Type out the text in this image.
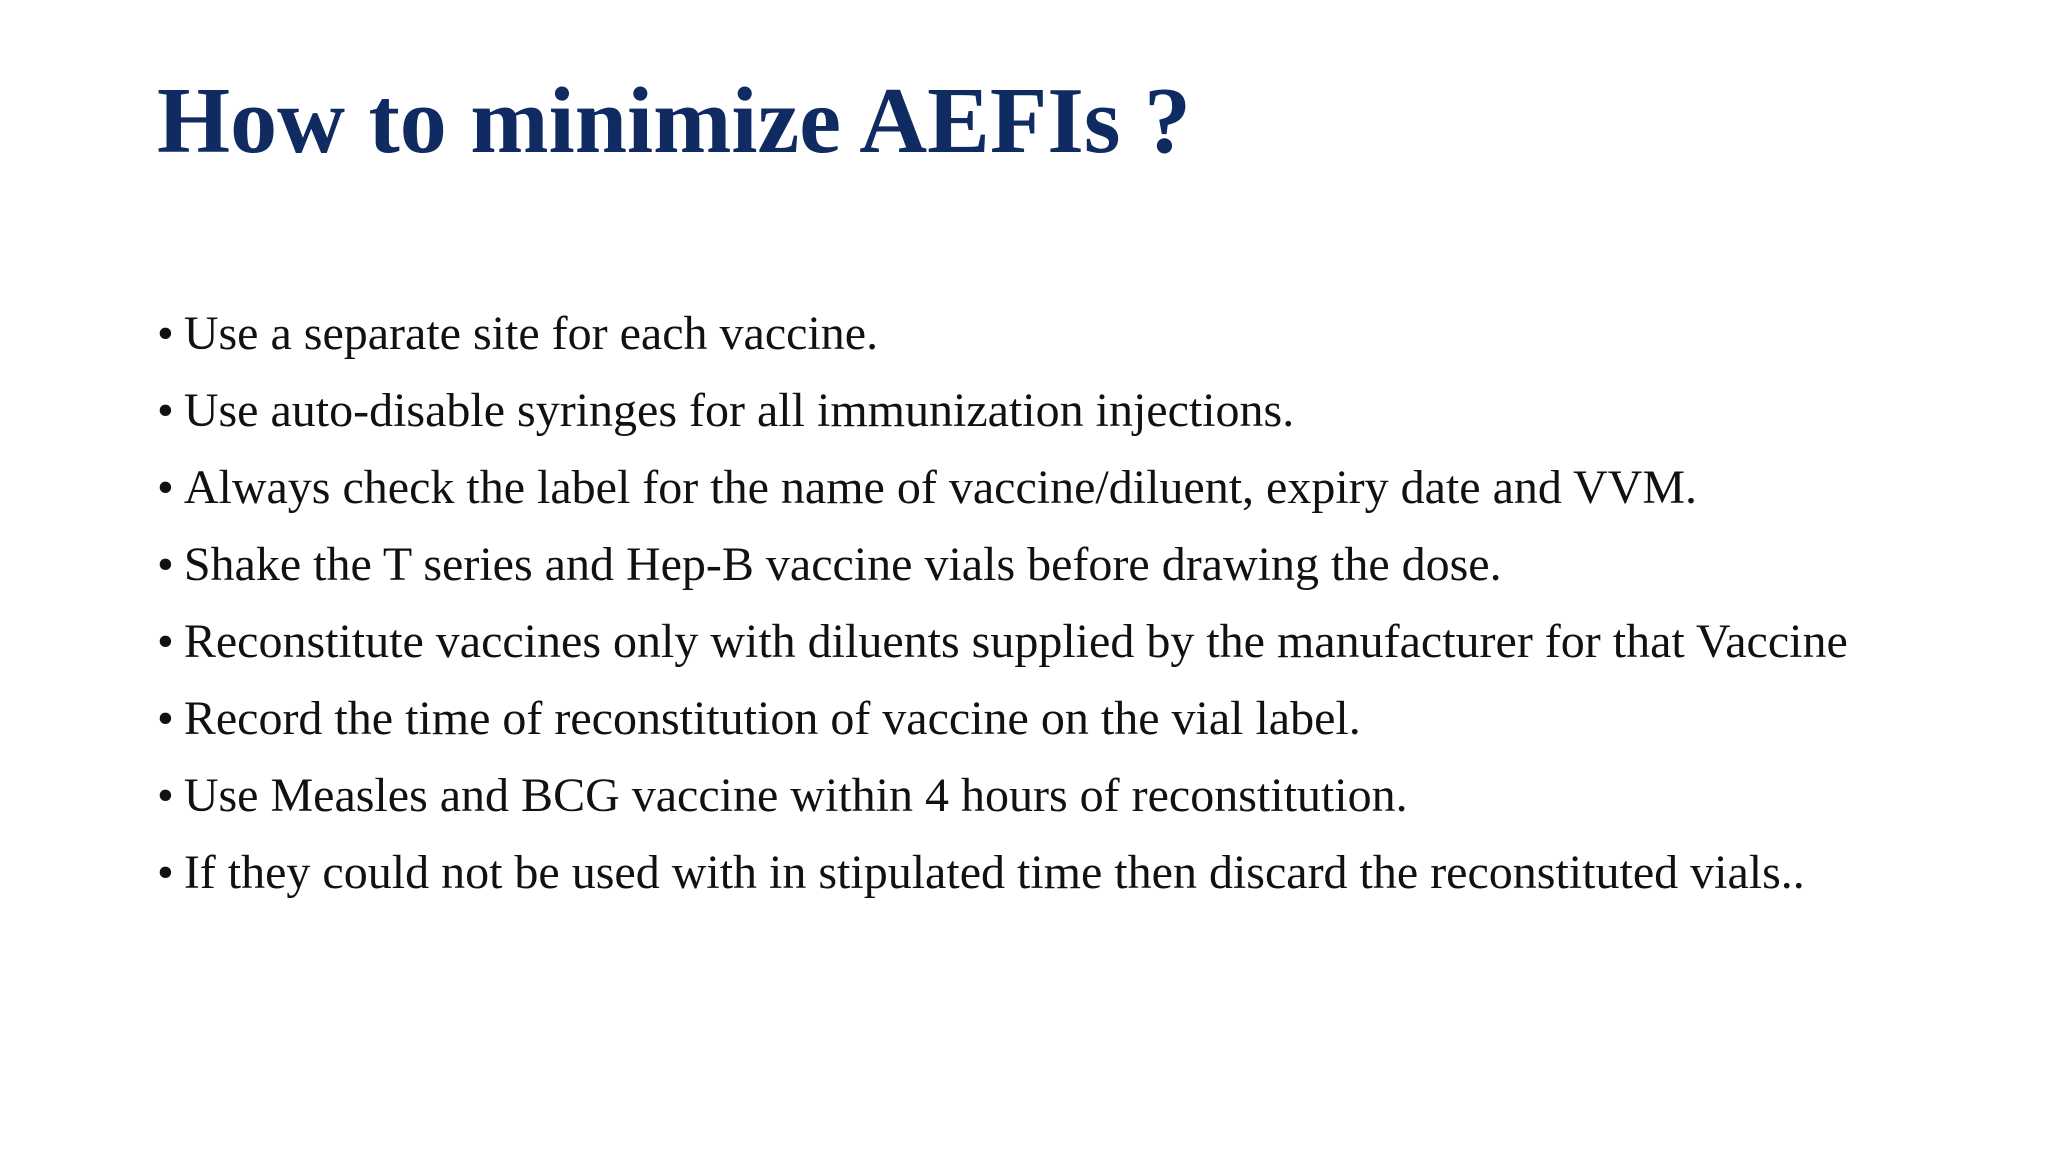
How to minimize AEFIs ?
• Use a separate site for each vaccine.
• Use auto-disable syringes for all immunization injections.
• Always check the label for the name of vaccine/diluent, expiry date and VVM.
• Shake the T series and Hep-B vaccine vials before drawing the dose.
• Reconstitute vaccines only with diluents supplied by the manufacturer for that Vaccine
• Record the time of reconstitution of vaccine on the vial label.
• Use Measles and BCG vaccine within 4 hours of reconstitution.
• If they could not be used with in stipulated time then discard the reconstituted vials..
